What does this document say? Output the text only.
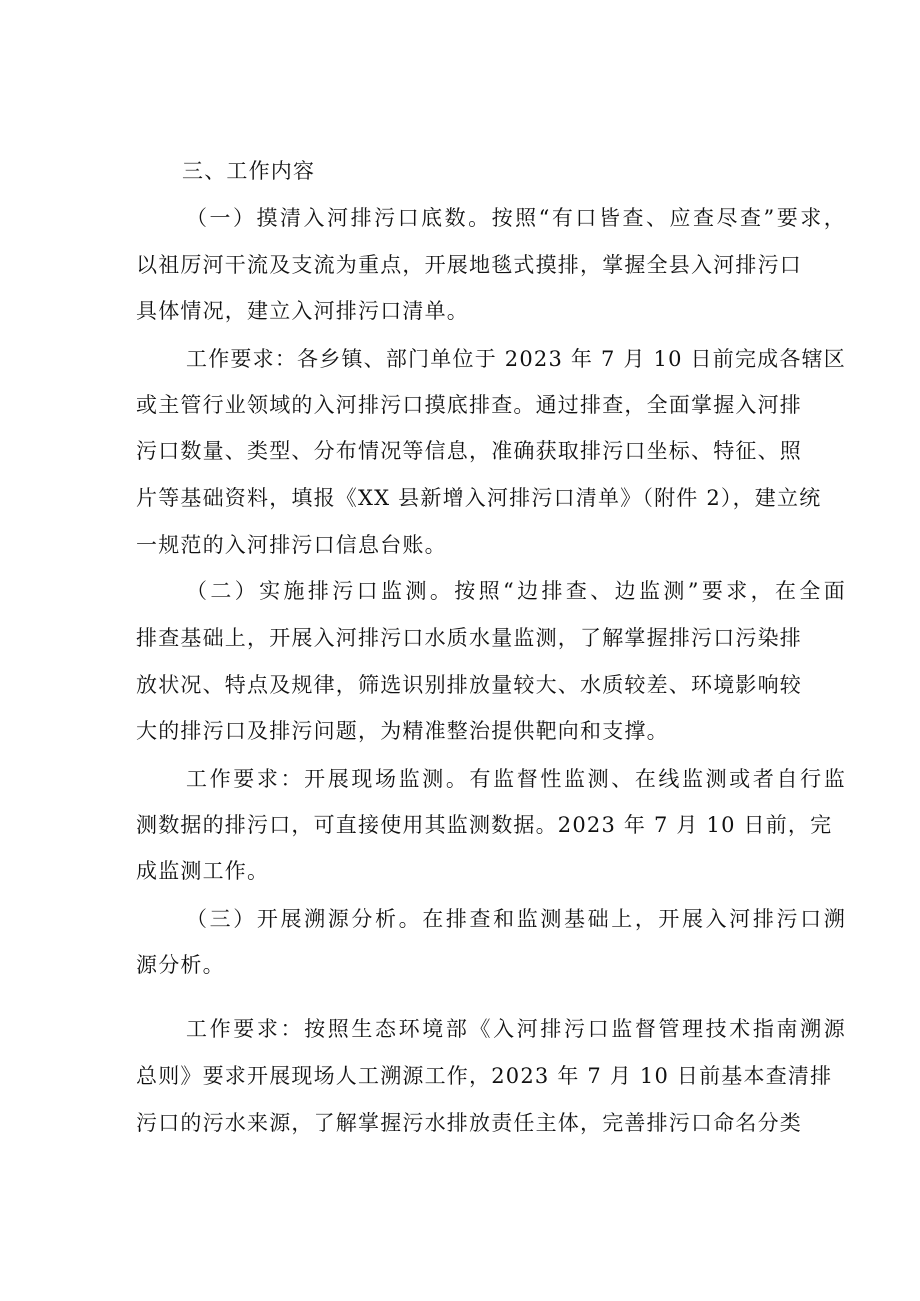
三、工作内容
（一）摸清入河排污口底数。按照“有口皆查、应查尽查”要求，
以祖厉河干流及支流为重点，开展地毯式摸排，掌握全县入河排污口
具体情况，建立入河排污口清单。
工作要求：各乡镇、部门单位于 2023 年 7 月 10 日前完成各辖区
或主管行业领域的入河排污口摸底排查。通过排查，全面掌握入河排
污口数量、类型、分布情况等信息，准确获取排污口坐标、特征、照
片等基础资料，填报《XX 县新增入河排污口清单》（附件 2），建立统
一规范的入河排污口信息台账。
（二）实施排污口监测。按照“边排查、边监测”要求，在全面
排查基础上，开展入河排污口水质水量监测，了解掌握排污口污染排
放状况、特点及规律，筛选识别排放量较大、水质较差、环境影响较
大的排污口及排污问题，为精准整治提供靶向和支撑。
工作要求：开展现场监测。有监督性监测、在线监测或者自行监
测数据的排污口，可直接使用其监测数据。2023 年 7 月 10 日前，完
成监测工作。
（三）开展溯源分析。在排查和监测基础上，开展入河排污口溯
源分析。
工作要求：按照生态环境部《入河排污口监督管理技术指南溯源
总则》要求开展现场人工溯源工作，2023 年 7 月 10 日前基本查清排
污口的污水来源，了解掌握污水排放责任主体，完善排污口命名分类
